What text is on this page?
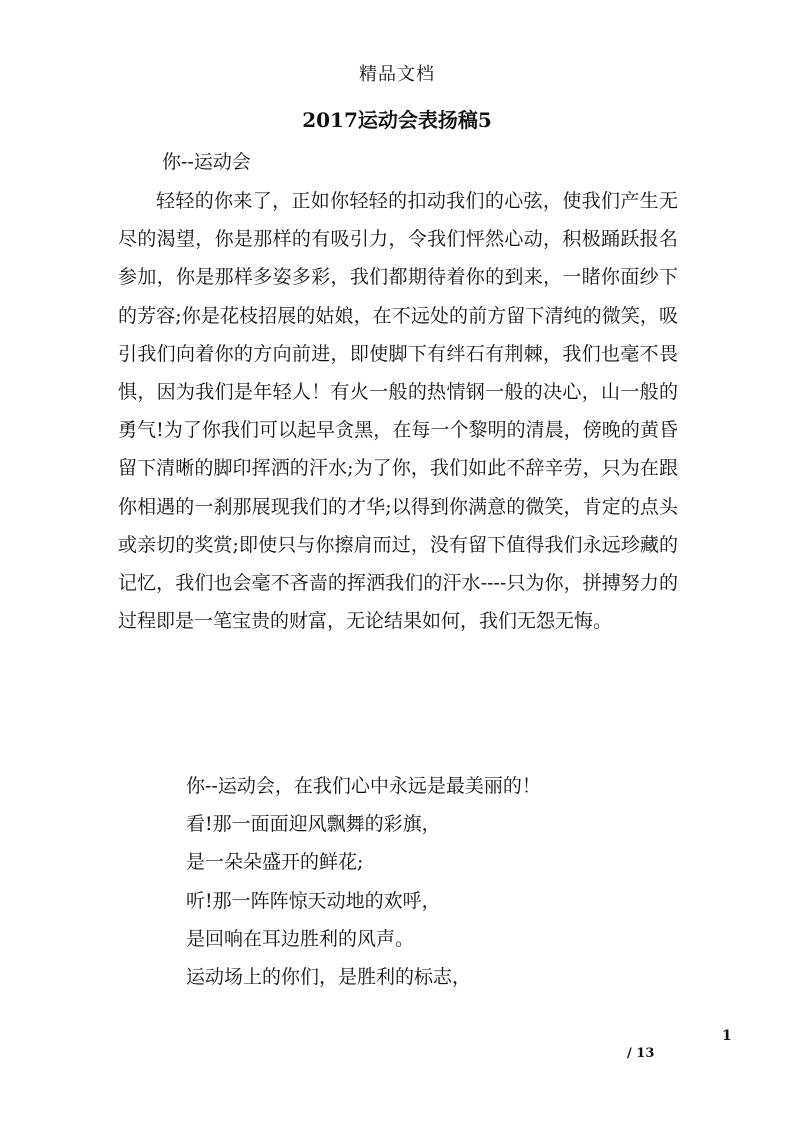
精品文档
2017运动会表扬稿5
你--运动会

轻轻的你来了，正如你轻轻的扣动我们的心弦，使我们产生无尽的渴望，你是那样的有吸引力，令我们怦然心动，积极踊跃报名参加，你是那样多姿多彩，我们都期待着你的到来，一睹你面纱下的芳容;你是花枝招展的姑娘，在不远处的前方留下清纯的微笑，吸引我们向着你的方向前进，即使脚下有绊石有荆棘，我们也毫不畏惧，因为我们是年轻人！有火一般的热情钢一般的决心，山一般的勇气!为了你我们可以起早贪黑，在每一个黎明的清晨，傍晚的黄昏留下清晰的脚印挥洒的汗水;为了你，我们如此不辞辛劳，只为在跟你相遇的一刹那展现我们的才华;以得到你满意的微笑，肯定的点头或亲切的奖赏;即使只与你擦肩而过，没有留下值得我们永远珍藏的记忆，我们也会毫不吝啬的挥洒我们的汗水----只为你，拼搏努力的过程即是一笔宝贵的财富，无论结果如何，我们无怨无悔。

你--运动会，在我们心中永远是最美丽的！
看!那一面面迎风飘舞的彩旗，
是一朵朵盛开的鲜花;
听!那一阵阵惊天动地的欢呼，
是回响在耳边胜利的风声。
运动场上的你们，是胜利的标志，
1
/ 13
